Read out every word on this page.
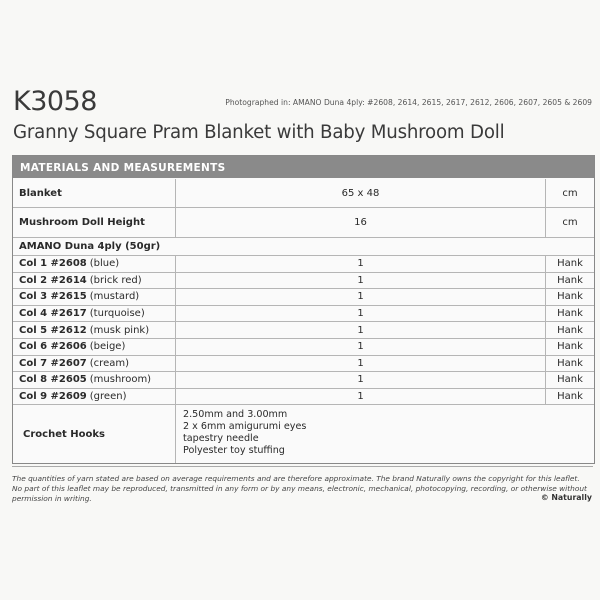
K3058	Photographed in: AMANO Duna 4ply: #2608, 2614, 2615, 2617, 2612, 2606, 2607, 2605 & 2609
Granny Square Pram Blanket with Baby Mushroom Doll
MATERIALS AND MEASUREMENTS
Blanket	65 x 48	cm
Mushroom Doll Height	16	cm
AMANO Duna 4ply (50gr)
Col 1 #2608 (blue)	1	Hank
Col 2 #2614 (brick red)	1	Hank
Col 3 #2615 (mustard)	1	Hank
Col 4 #2617 (turquoise)	1	Hank
Col 5 #2612 (musk pink)	1	Hank
Col 6 #2606 (beige)	1	Hank
Col 7 #2607 (cream)	1	Hank
Col 8 #2605 (mushroom)	1	Hank
Col 9 #2609 (green)	1	Hank
Crochet Hooks
2.50mm and 3.00mm
2 x 6mm amigurumi eyes
tapestry needle
Polyester toy stuffing
The quantities of yarn stated are based on average requirements and are therefore approximate. The brand Naturally owns the copyright for this leaflet. No part of this leaflet may be reproduced, transmitted in any form or by any means, electronic, mechanical, photocopying, recording, or otherwise without permission in writing.	© Naturally
